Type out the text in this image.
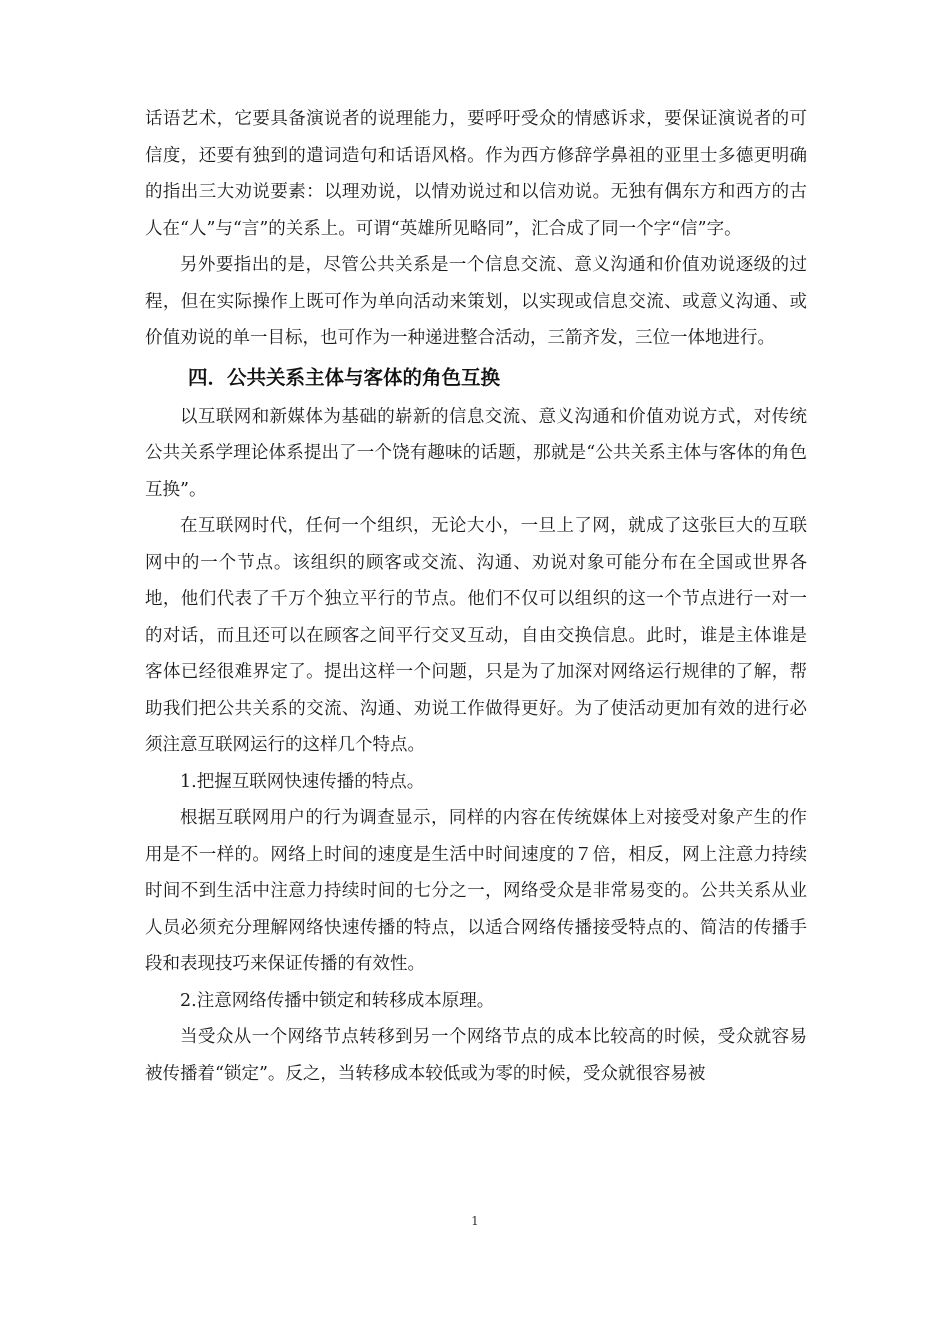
话语艺术，它要具备演说者的说理能力，要呼吁受众的情感诉求，要保证演说者的可信度，还要有独到的遣词造句和话语风格。作为西方修辞学鼻祖的亚里士多德更明确的指出三大劝说要素：以理劝说，以情劝说过和以信劝说。无独有偶东方和西方的古人在“人”与“言”的关系上。可谓“英雄所见略同”，汇合成了同一个字“信”字。

另外要指出的是，尽管公共关系是一个信息交流、意义沟通和价值劝说逐级的过程，但在实际操作上既可作为单向活动来策划，以实现或信息交流、或意义沟通、或价值劝说的单一目标，也可作为一种递进整合活动，三箭齐发，三位一体地进行。

四．公共关系主体与客体的角色互换

以互联网和新媒体为基础的崭新的信息交流、意义沟通和价值劝说方式，对传统公共关系学理论体系提出了一个饶有趣味的话题，那就是“公共关系主体与客体的角色互换”。

在互联网时代，任何一个组织，无论大小，一旦上了网，就成了这张巨大的互联网中的一个节点。该组织的顾客或交流、沟通、劝说对象可能分布在全国或世界各地，他们代表了千万个独立平行的节点。他们不仅可以组织的这一个节点进行一对一的对话，而且还可以在顾客之间平行交叉互动，自由交换信息。此时，谁是主体谁是客体已经很难界定了。提出这样一个问题，只是为了加深对网络运行规律的了解，帮助我们把公共关系的交流、沟通、劝说工作做得更好。为了使活动更加有效的进行必须注意互联网运行的这样几个特点。

1.把握互联网快速传播的特点。

根据互联网用户的行为调查显示，同样的内容在传统媒体上对接受对象产生的作用是不一样的。网络上时间的速度是生活中时间速度的７倍，相反，网上注意力持续时间不到生活中注意力持续时间的七分之一，网络受众是非常易变的。公共关系从业人员必须充分理解网络快速传播的特点，以适合网络传播接受特点的、简洁的传播手段和表现技巧来保证传播的有效性。

2.注意网络传播中锁定和转移成本原理。

当受众从一个网络节点转移到另一个网络节点的成本比较高的时候，受众就容易被传播着“锁定”。反之，当转移成本较低或为零的时候，受众就很容易被

1
